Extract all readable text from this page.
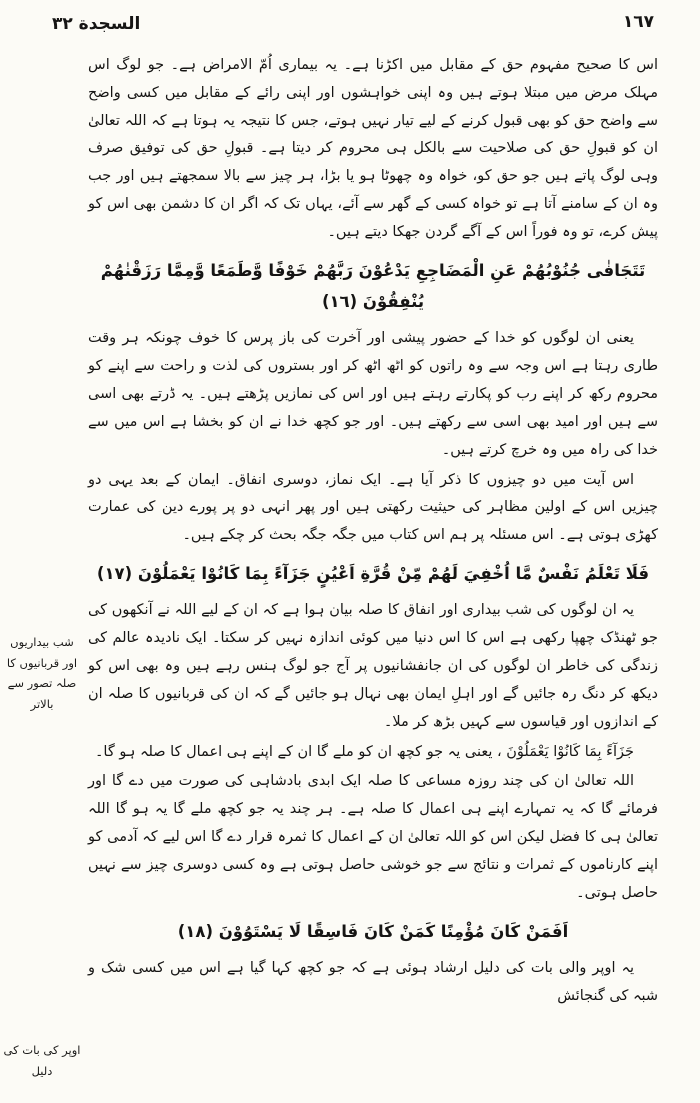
السجدة ٣٢	١٦٧
اس کا صحیح مفہوم حق کے مقابل میں اکڑنا ہے۔ یہ بیماری اُمّ الامراض ہے۔ جو لوگ اس مہلک مرض میں مبتلا ہوتے ہیں وہ اپنی خواہشوں اور اپنی رائے کے مقابل میں کسی واضح سے واضح حق کو بھی قبول کرنے کے لیے تیار نہیں ہوتے، جس کا نتیجہ یہ ہوتا ہے کہ اللہ تعالیٰ ان کو قبولِ حق کی صلاحیت سے بالکل ہی محروم کر دیتا ہے۔ قبولِ حق کی توفیق صرف وہی لوگ پاتے ہیں جو حق کو، خواہ وہ چھوٹا ہو یا بڑا، ہر چیز سے بالا سمجھتے ہیں اور جب وہ ان کے سامنے آتا ہے تو خواہ کسی کے گھر سے آئے، یہاں تک کہ اگر ان کا دشمن بھی اس کو پیش کرے، تو وہ فوراً اس کے آگے گردن جھکا دیتے ہیں۔
تَتَجَافٰى جُنُوْبُهُمْ عَنِ الْمَضَاجِعِ يَدْعُوْنَ رَبَّهُمْ خَوْفًا وَّطَمَعًا وَّمِمَّا رَزَقْنٰهُمْ يُنْفِقُوْنَ (١٦)
یعنی ان لوگوں کو خدا کے حضور پیشی اور آخرت کی باز پرس کا خوف چونکہ ہر وقت طاری رہتا ہے اس وجہ سے وہ راتوں کو اٹھ اٹھ کر اور بستروں کی لذت و راحت سے اپنے کو محروم رکھ کر اپنے رب کو پکارتے رہتے ہیں اور اس کی نمازیں پڑھتے ہیں۔ یہ ڈرتے بھی اسی سے ہیں اور امید بھی اسی سے رکھتے ہیں۔ اور جو کچھ خدا نے ان کو بخشا ہے اس میں سے خدا کی راہ میں وہ خرچ کرتے ہیں۔
اس آیت میں دو چیزوں کا ذکر آیا ہے۔ ایک نماز، دوسری انفاق۔ ایمان کے بعد یہی دو چیزیں اس کے اولین مظاہر کی حیثیت رکھتی ہیں اور پھر انہی دو پر پورے دین کی عمارت کھڑی ہوتی ہے۔ اس مسئلہ پر ہم اس کتاب میں جگہ جگہ بحث کر چکے ہیں۔
فَلَا تَعْلَمُ نَفْسٌ مَّا اُخْفِيَ لَهُمْ مِّنْ قُرَّةِ اَعْيُنٍ جَزَآءً بِمَا كَانُوْا يَعْمَلُوْنَ (١٧)
یہ ان لوگوں کی شب بیداری اور انفاق کا صلہ بیان ہوا ہے کہ ان کے لیے اللہ نے آنکھوں کی جو ٹھنڈک چھپا رکھی ہے اس کا اس دنیا میں کوئی اندازہ نہیں کر سکتا۔ ایک نادیدہ عالم کی زندگی کی خاطر ان لوگوں کی ان جانفشانیوں پر آج جو لوگ ہنس رہے ہیں وہ بھی اس کو دیکھ کر دنگ رہ جائیں گے اور اہلِ ایمان بھی نہال ہو جائیں گے کہ ان کی قربانیوں کا صلہ ان کے اندازوں اور قیاسوں سے کہیں بڑھ کر ملا۔
جَزَآءً بِمَا كَانُوْا يَعْمَلُوْنَ ، یعنی یہ جو کچھ ان کو ملے گا ان کے اپنے ہی اعمال کا صلہ ہو گا۔
اللہ تعالیٰ ان کی چند روزہ مساعی کا صلہ ایک ابدی بادشاہی کی صورت میں دے گا اور فرمائے گا کہ یہ تمہارے اپنے ہی اعمال کا صلہ ہے۔ ہر چند یہ جو کچھ ملے گا یہ ہو گا اللہ تعالیٰ ہی کا فضل لیکن اس کو اللہ تعالیٰ ان کے اعمال کا ثمرہ قرار دے گا اس لیے کہ آدمی کو اپنے کارناموں کے ثمرات و نتائج سے جو خوشی حاصل ہوتی ہے وہ کسی دوسری چیز سے نہیں حاصل ہوتی۔
اَفَمَنْ كَانَ مُؤْمِنًا كَمَنْ كَانَ فَاسِقًا لَا يَسْتَوُوْنَ (١٨)
یہ اوپر والی بات کی دلیل ارشاد ہوئی ہے کہ جو کچھ کہا گیا ہے اس میں کسی شک و شبہ کی گنجائش
شب بیداریوں اور قربانیوں کا صلہ تصور سے بالاتر
اوپر کی بات کی دلیل
